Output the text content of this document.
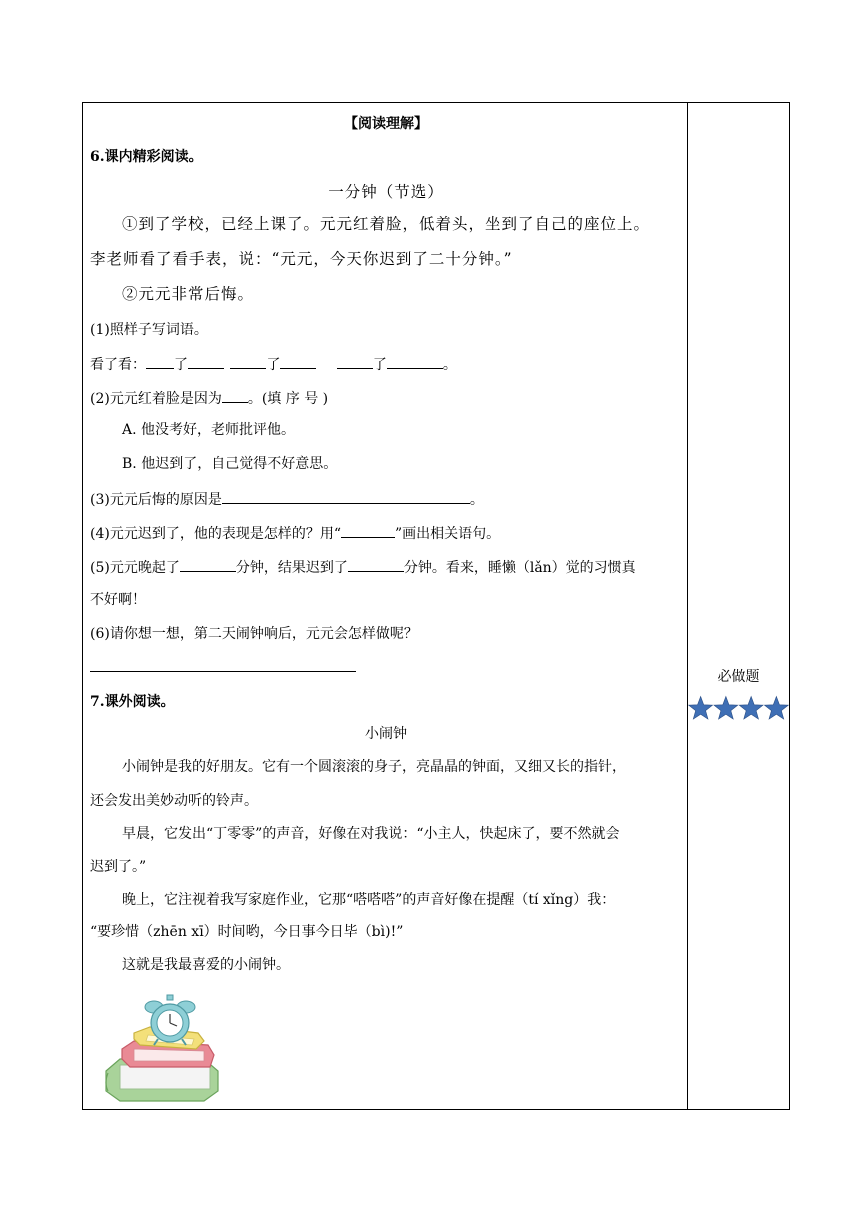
【阅读理解】
6.课内精彩阅读。
一分钟（节选）
①到了学校，已经上课了。元元红着脸，低着头，坐到了自己的座位上。
李老师看了看手表，说：“元元，今天你迟到了二十分钟。”
②元元非常后悔。
(1)照样子写词语。
看了看： 了	了	了	。
(2)元元红着脸是因为 。(填 序 号 )
A. 他没考好，老师批评他。
B. 他迟到了，自己觉得不好意思。
(3)元元后悔的原因是	。
(4)元元迟到了，他的表现是怎样的？用“	”画出相关语句。
(5)元元晚起了	分钟，结果迟到了	分钟。看来，睡懒（lǎn）觉的习惯真
不好啊！
(6)请你想一想，第二天闹钟响后，元元会怎样做呢？
7.课外阅读。
小闹钟
小闹钟是我的好朋友。它有一个圆滚滚的身子，亮晶晶的钟面，又细又长的指针，
还会发出美妙动听的铃声。
早晨，它发出“丁零零”的声音，好像在对我说：“小主人，快起床了，要不然就会
迟到了。”
晚上，它注视着我写家庭作业，它那“嗒嗒嗒”的声音好像在提醒（tí xǐng）我：
“要珍惜（zhēn xī）时间哟，今日事今日毕（bì)!”
这就是我最喜爱的小闹钟。
必做题
